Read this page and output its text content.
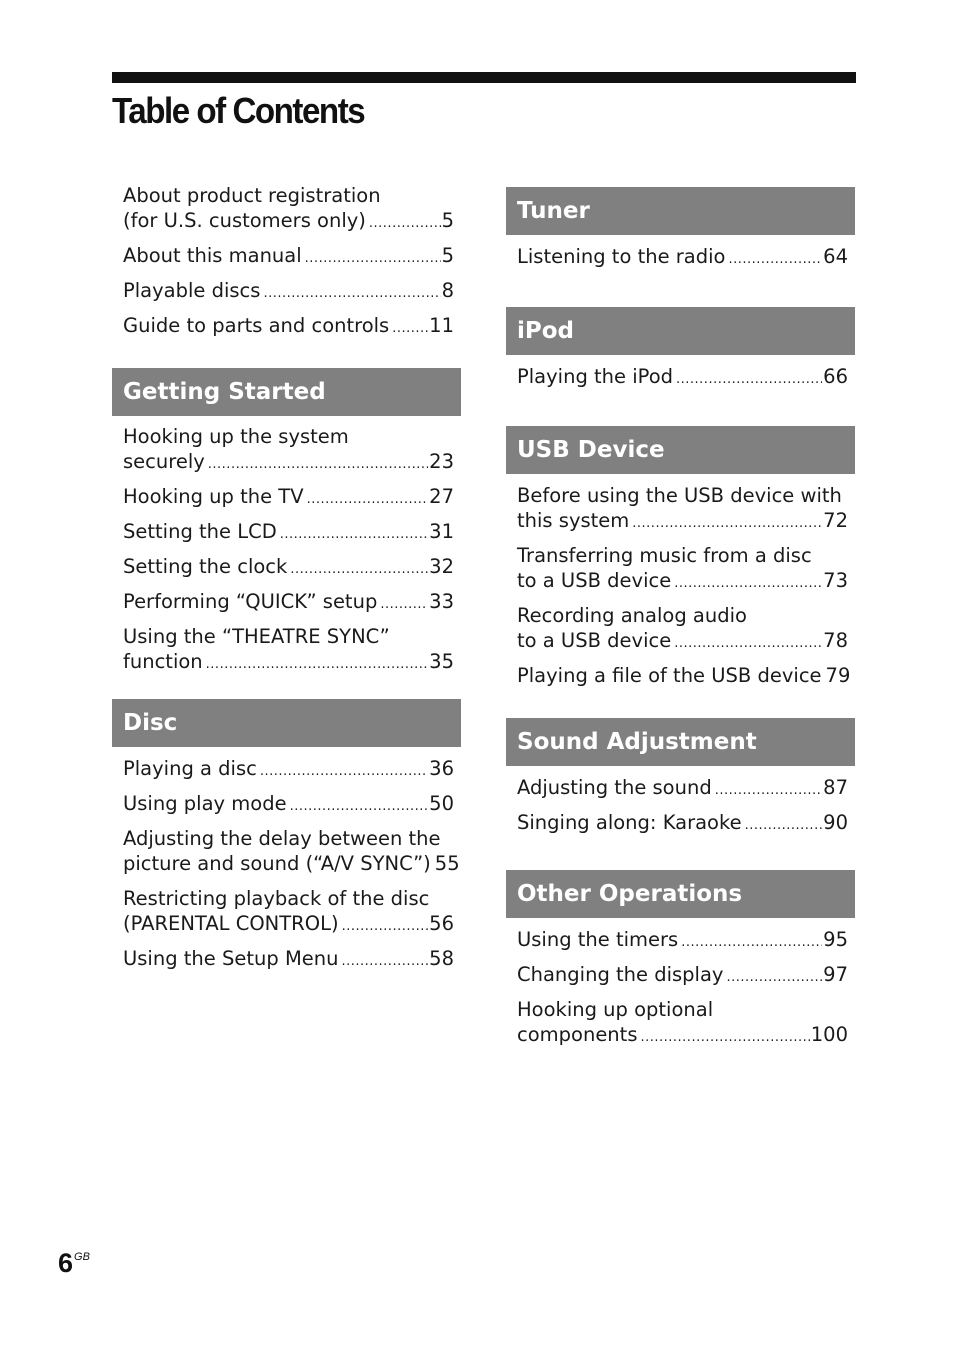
Table of Contents
About product registration
(for U.S. customers only) .....	5
About this manual .....	5
Playable discs .....	8
Guide to parts and controls ..... 11
Getting Started
Hooking up the system
securely .....	23
Hooking up the TV .....	27
Setting the LCD .....	31
Setting the clock .....	32
Performing “QUICK” setup .....	33
Using the “THEATRE SYNC”
function .....	35
Disc
Playing a disc .....	36
Using play mode .....	50
Adjusting the delay between the
picture and sound (“A/V SYNC”) 55
Restricting playback of the disc
(PARENTAL CONTROL) .....	56
Using the Setup Menu .....	58
Tuner
Listening to the radio .....	64
iPod
Playing the iPod .....	66
USB Device
Before using the USB device with
this system .....	72
Transferring music from a disc
to a USB device .....	73
Recording analog audio
to a USB device .....	78
Playing a file of the USB device 79
Sound Adjustment
Adjusting the sound .....	87
Singing along: Karaoke .....	90
Other Operations
Using the timers .....	95
Changing the display .....	97
Hooking up optional
components .....	100
$6^{GB}$
